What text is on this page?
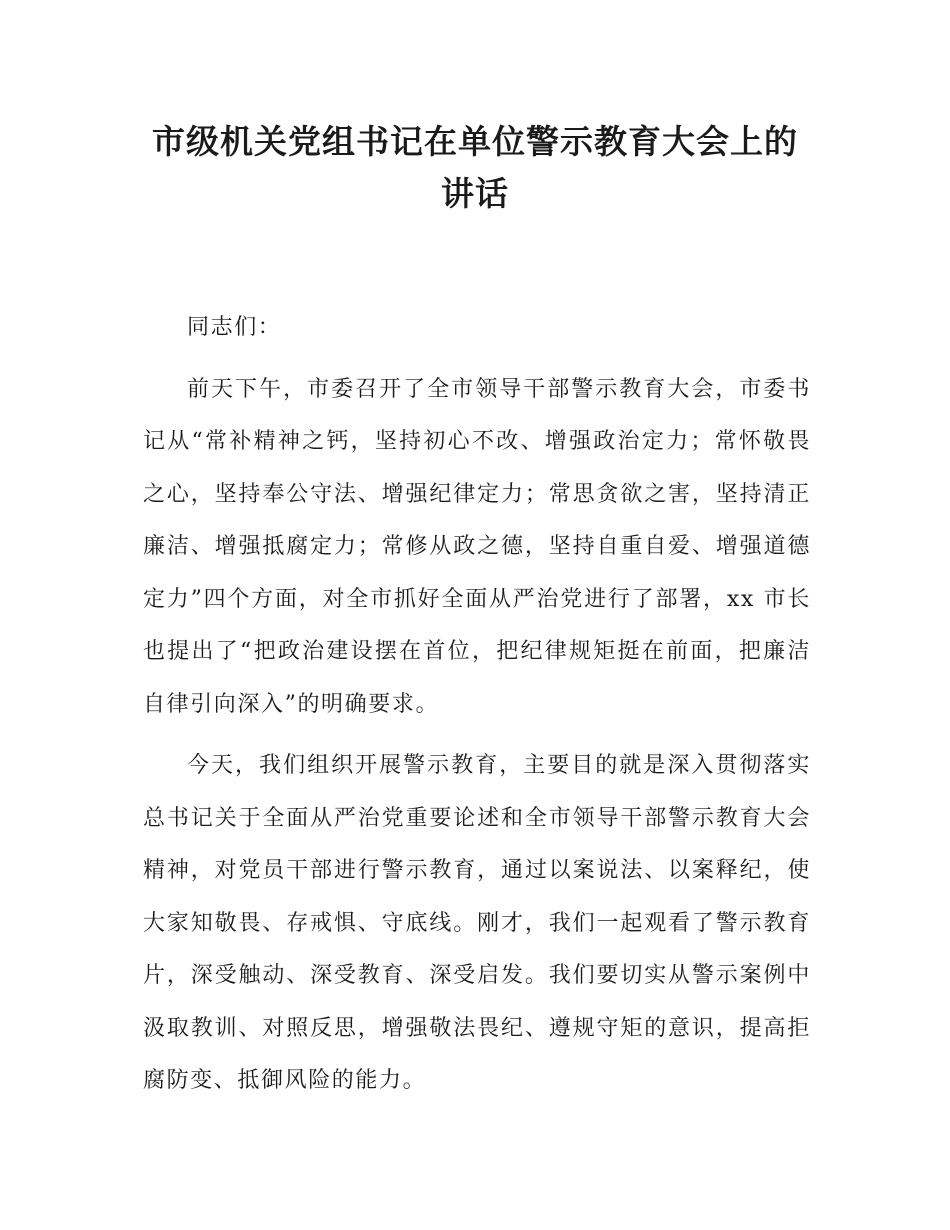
市级机关党组书记在单位警示教育大会上的讲话

同志们：

前天下午，市委召开了全市领导干部警示教育大会，市委书记从“常补精神之钙，坚持初心不改、增强政治定力；常怀敬畏之心，坚持奉公守法、增强纪律定力；常思贪欲之害，坚持清正廉洁、增强抵腐定力；常修从政之德，坚持自重自爱、增强道德定力”四个方面，对全市抓好全面从严治党进行了部署，xx 市长也提出了“把政治建设摆在首位，把纪律规矩挺在前面，把廉洁自律引向深入”的明确要求。

今天，我们组织开展警示教育，主要目的就是深入贯彻落实总书记关于全面从严治党重要论述和全市领导干部警示教育大会精神，对党员干部进行警示教育，通过以案说法、以案释纪，使大家知敬畏、存戒惧、守底线。刚才，我们一起观看了警示教育片，深受触动、深受教育、深受启发。我们要切实从警示案例中汲取教训、对照反思，增强敬法畏纪、遵规守矩的意识，提高拒腐防变、抵御风险的能力。
